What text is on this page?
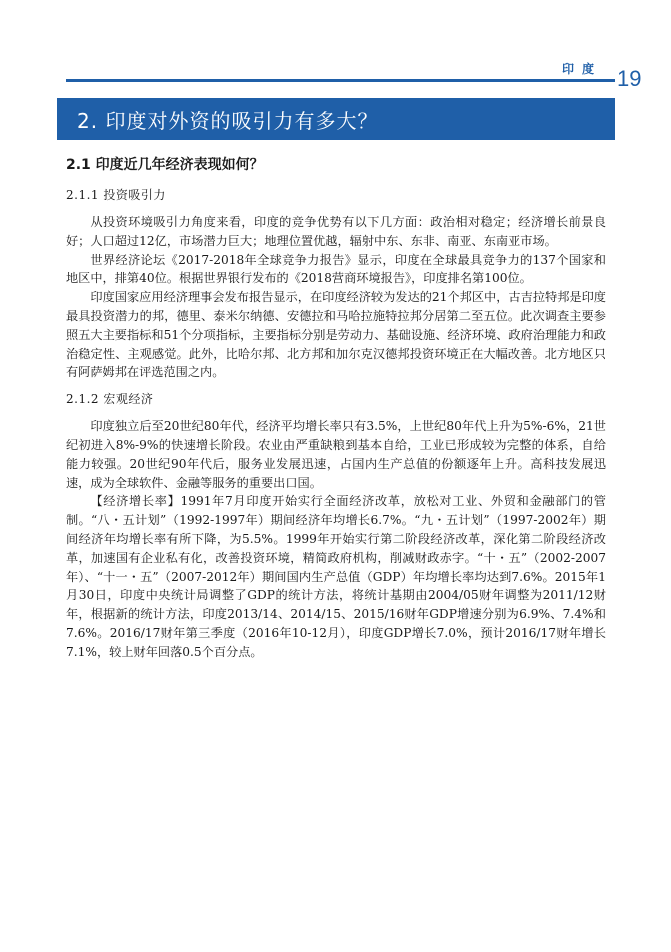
印度 19
2. 印度对外资的吸引力有多大？
2.1 印度近几年经济表现如何？
2.1.1 投资吸引力

从投资环境吸引力角度来看，印度的竞争优势有以下几方面：政治相对稳定；经济增长前景良好；人口超过12亿，市场潜力巨大；地理位置优越，辐射中东、东非、南亚、东南亚市场。

世界经济论坛《2017-2018年全球竞争力报告》显示，印度在全球最具竞争力的137个国家和地区中，排第40位。根据世界银行发布的《2018营商环境报告》，印度排名第100位。

印度国家应用经济理事会发布报告显示，在印度经济较为发达的21个邦区中，古吉拉特邦是印度最具投资潜力的邦，德里、泰米尔纳德、安德拉和马哈拉施特拉邦分居第二至五位。此次调查主要参照五大主要指标和51个分项指标，主要指标分别是劳动力、基础设施、经济环境、政府治理能力和政治稳定性、主观感觉。此外，比哈尔邦、北方邦和加尔克汉德邦投资环境正在大幅改善。北方地区只有阿萨姆邦在评选范围之内。

2.1.2 宏观经济

印度独立后至20世纪80年代，经济平均增长率只有3.5%，上世纪80年代上升为5%-6%，21世纪初进入8%-9%的快速增长阶段。农业由严重缺粮到基本自给，工业已形成较为完整的体系，自给能力较强。20世纪90年代后，服务业发展迅速，占国内生产总值的份额逐年上升。高科技发展迅速，成为全球软件、金融等服务的重要出口国。

【经济增长率】1991年7月印度开始实行全面经济改革，放松对工业、外贸和金融部门的管制。“八・五计划”（1992-1997年）期间经济年均增长6.7%。“九・五计划”（1997-2002年）期间经济年均增长率有所下降，为5.5%。1999年开始实行第二阶段经济改革，深化第二阶段经济改革，加速国有企业私有化，改善投资环境，精简政府机构，削减财政赤字。“十・五”（2002-2007年）、“十一・五”（2007-2012年）期间国内生产总值（GDP）年均增长率均达到7.6%。2015年1月30日，印度中央统计局调整了GDP的统计方法，将统计基期由2004/05财年调整为2011/12财年，根据新的统计方法，印度2013/14、2014/15、2015/16财年GDP增速分别为6.9%、7.4%和7.6%。2016/17财年第三季度（2016年10-12月），印度GDP增长7.0%，预计2016/17财年增长7.1%，较上财年回落0.5个百分点。
